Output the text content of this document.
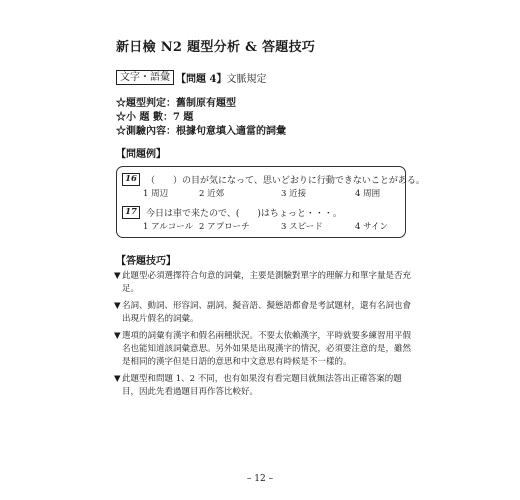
新日檢 N2 題型分析 & 答題技巧
文字・語彙 【問題 4】文脈規定
☆題型判定：舊制原有題型
☆小 題 數：7 題
☆測驗內容：根據句意填入適當的詞彙
【問題例】
16	（　　）の目が気になって、思いどおりに行動できないことがある。
1 周辺	2 近郊	3 近接	4 周囲
17	今日は車で来たので、(　　)はちょっと・・・。
1 アルコール 2 アプローチ	3 スピード	4 サイン
【答題技巧】
▼ 此題型必須選擇符合句意的詞彙，主要是測驗對單字的理解力和單字量是否充足。
▼ 名詞、動詞、形容詞、副詞、擬音語、擬態語都會是考試題材，還有名詞也會出現片假名的詞彙。
▼ 選項的詞彙有漢字和假名兩種狀況。不要太依賴漢字，平時就要多練習用平假名也能知道該詞彙意思。另外如果是出現漢字的情況，必須要注意的是，雖然是相同的漢字但是日語的意思和中文意思有時候是不一樣的。
▼ 此題型和問題 1、2 不同，也有如果沒有看完題目就無法答出正確答案的題目，因此先看過題目再作答比較好。
– 12 –
